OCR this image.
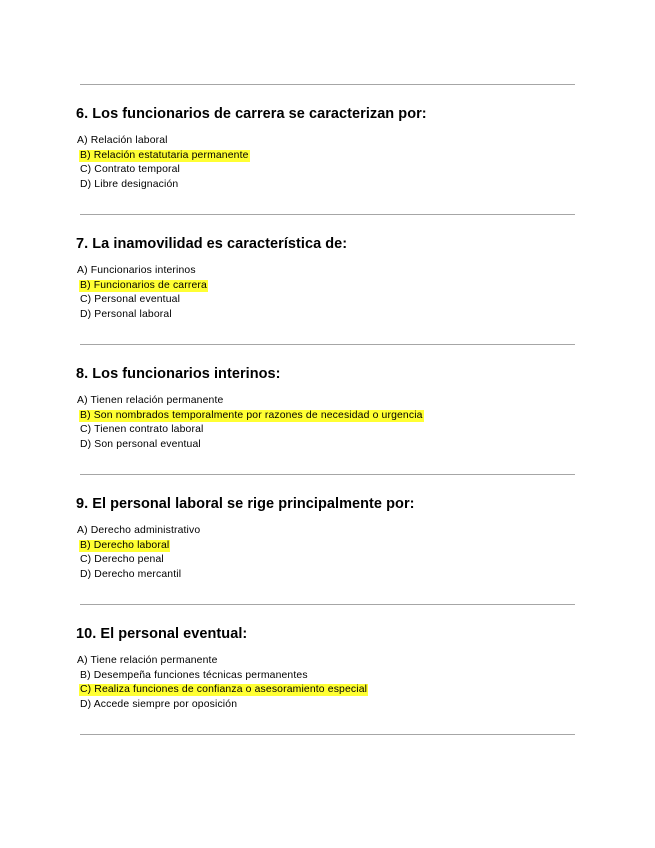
6. Los funcionarios de carrera se caracterizan por:
A) Relación laboral
B) Relación estatutaria permanente
C) Contrato temporal
D) Libre designación
7. La inamovilidad es característica de:
A) Funcionarios interinos
B) Funcionarios de carrera
C) Personal eventual
D) Personal laboral
8. Los funcionarios interinos:
A) Tienen relación permanente
B) Son nombrados temporalmente por razones de necesidad o urgencia
C) Tienen contrato laboral
D) Son personal eventual
9. El personal laboral se rige principalmente por:
A) Derecho administrativo
B) Derecho laboral
C) Derecho penal
D) Derecho mercantil
10. El personal eventual:
A) Tiene relación permanente
B) Desempeña funciones técnicas permanentes
C) Realiza funciones de confianza o asesoramiento especial
D) Accede siempre por oposición
